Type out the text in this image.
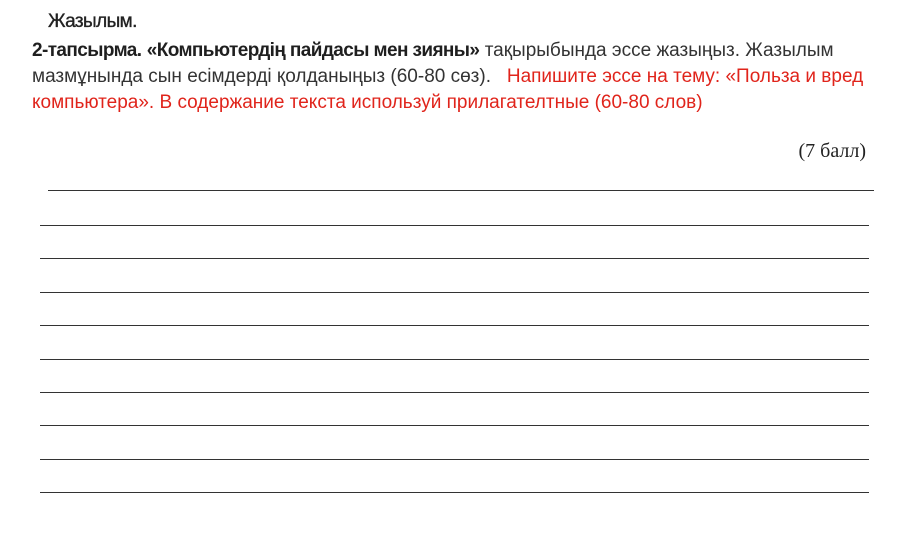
Жазылым.
2-тапсырма. «Компьютердің пайдасы мен зияны» тақырыбында эссе жазыңыз. Жазылым мазмұнында сын есімдерді қолданыңыз (60-80 сөз). Напишите эссе на тему: «Польза и вред компьютера». В содержание текста используй прилагателтные (60-80 слов)
(7 балл)
